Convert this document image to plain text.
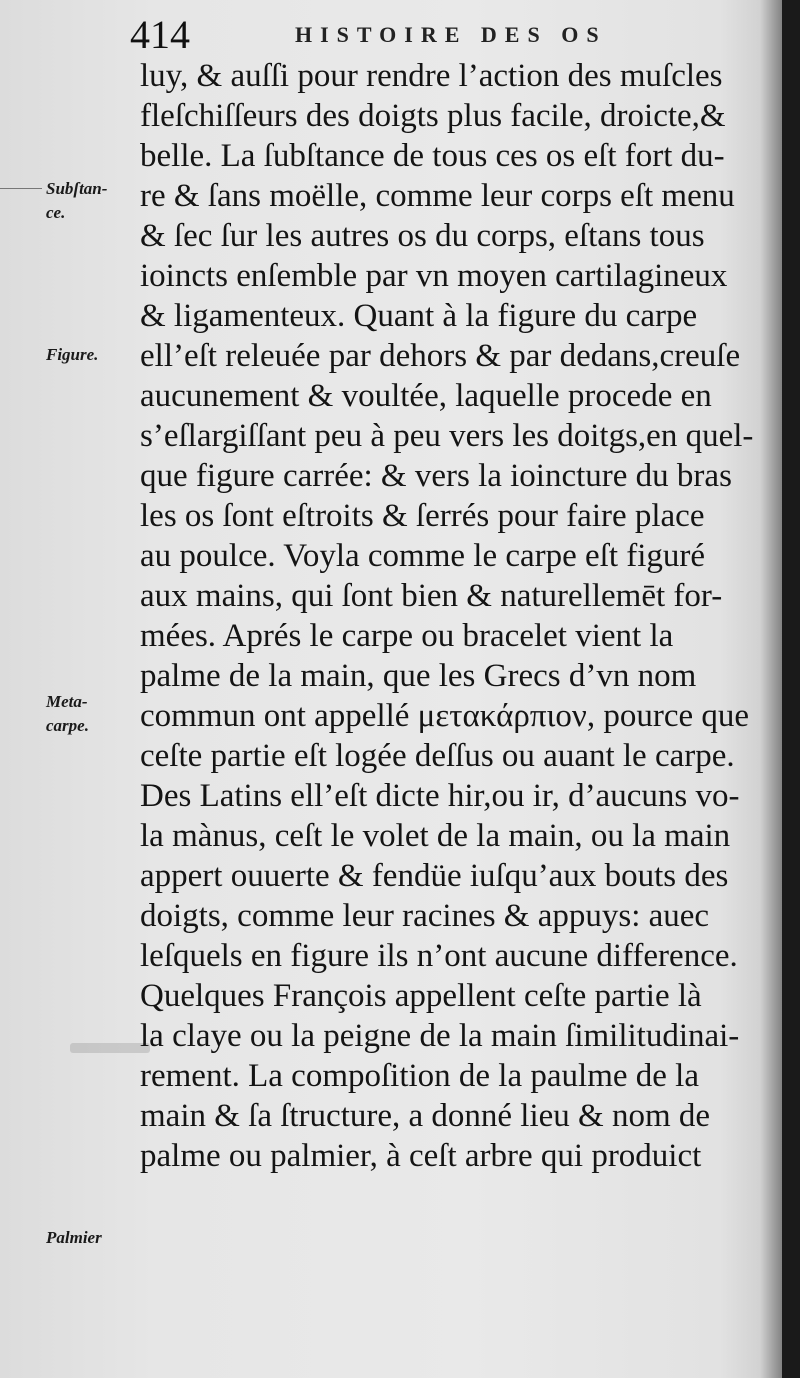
414	HISTOIRE DES OS
Subſtan-
ce.
Figure.
Meta-
carpe.
Palmier
luy, & auſſi pour rendre l’action des muſcles
fleſchiſſeurs des doigts plus facile, droicte,&
belle. La ſubſtance de tous ces os eſt fort du-
re & ſans moëlle, comme leur corps eſt menu
& ſec ſur les autres os du corps, eſtans tous
ioincts enſemble par vn moyen cartilagineux
& ligamenteux. Quant à la figure du carpe
ell’eſt releuée par dehors & par dedans,creuſe
aucunement & voultée, laquelle procede en
s’eſlargiſſant peu à peu vers les doitgs,en quel-
que figure carrée: & vers la ioincture du bras
les os ſont eſtroits & ſerrés pour faire place
au poulce. Voyla comme le carpe eſt figuré
aux mains, qui ſont bien & naturellemēt for-
mées. Aprés le carpe ou bracelet vient la
palme de la main, que les Grecs d’vn nom
commun ont appellé μετακάρπιον, pource que
ceſte partie eſt logée deſſus ou auant le carpe.
Des Latins ell’eſt dicte hir,ou ir, d’aucuns vo-
la mànus, ceſt le volet de la main, ou la main
appert ouuerte & fendüe iuſqu’aux bouts des
doigts, comme leur racines & appuys: auec
leſquels en figure ils n’ont aucune difference.
Quelques François appellent ceſte partie là
la claye ou la peigne de la main ſimilitudinai-
rement. La compoſition de la paulme de la
main & ſa ſtructure, a donné lieu & nom de
palme ou palmier, à ceſt arbre qui produict
